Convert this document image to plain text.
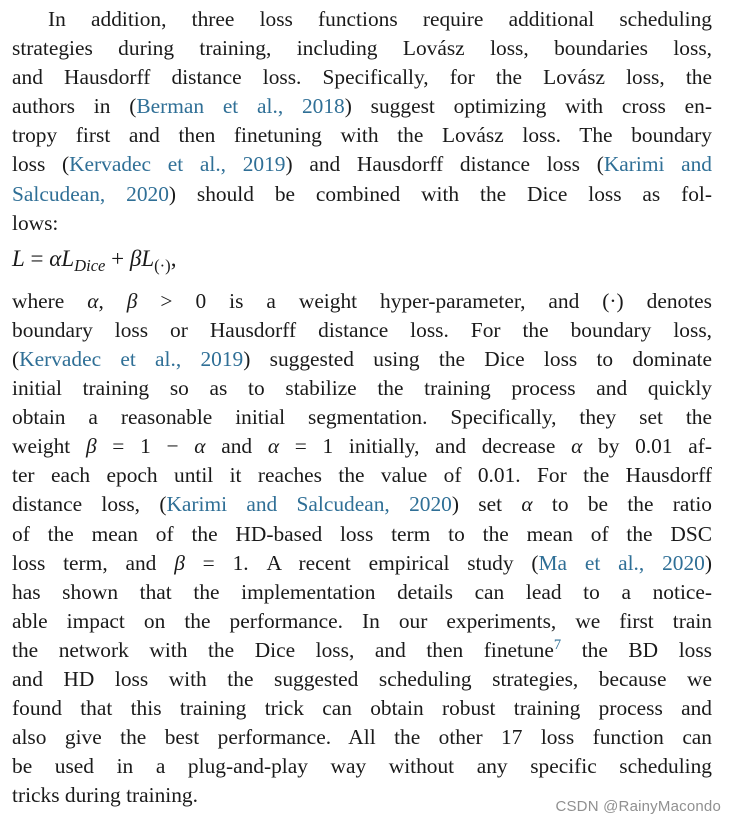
In addition, three loss functions require additional scheduling
strategies during training, including Lovász loss, boundaries loss,
and Hausdorff distance loss. Specifically, for the Lovász loss, the
authors in (Berman et al., 2018) suggest optimizing with cross en-
tropy first and then finetuning with the Lovász loss. The boundary
loss (Kervadec et al., 2019) and Hausdorff distance loss (Karimi and
Salcudean, 2020) should be combined with the Dice loss as fol-
lows:
$L = \alpha L_{Dice} + \beta L_{(\cdot)}$,
where α, β > 0 is a weight hyper-parameter, and (·) denotes
boundary loss or Hausdorff distance loss. For the boundary loss,
(Kervadec et al., 2019) suggested using the Dice loss to dominate
initial training so as to stabilize the training process and quickly
obtain a reasonable initial segmentation. Specifically, they set the
weight β = 1 − α and α = 1 initially, and decrease α by 0.01 af-
ter each epoch until it reaches the value of 0.01. For the Hausdorff
distance loss, (Karimi and Salcudean, 2020) set α to be the ratio
of the mean of the HD-based loss term to the mean of the DSC
loss term, and β = 1. A recent empirical study (Ma et al., 2020)
has shown that the implementation details can lead to a notice-
able impact on the performance. In our experiments, we first train
the network with the Dice loss, and then finetune$^7$ the BD loss
and HD loss with the suggested scheduling strategies, because we
found that this training trick can obtain robust training process and
also give the best performance. All the other 17 loss function can
be used in a plug-and-play way without any specific scheduling
tricks during training.	CSDN @RainyMacondo
